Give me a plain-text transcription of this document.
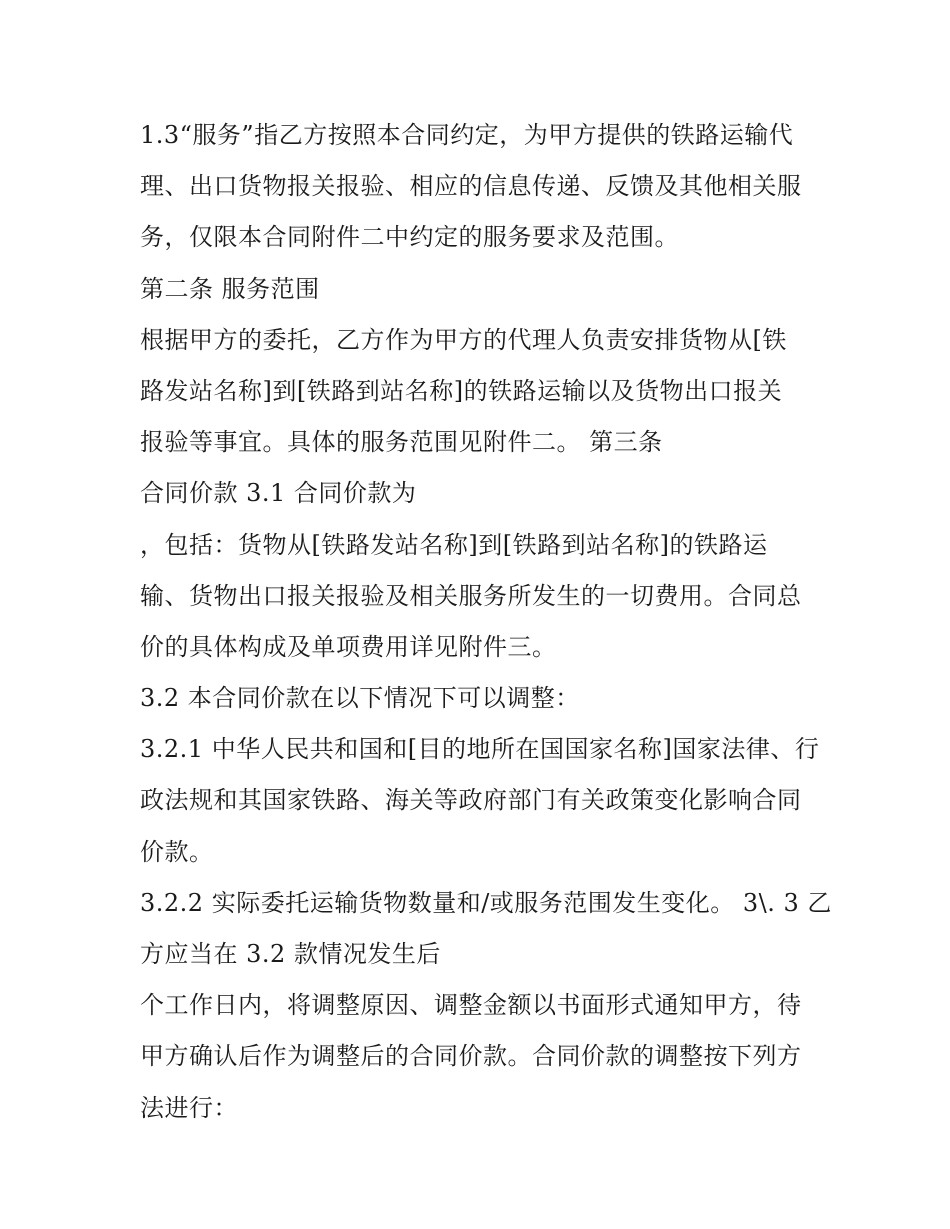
1.3“服务”指乙方按照本合同约定，为甲方提供的铁路运输代
理、出口货物报关报验、相应的信息传递、反馈及其他相关服
务，仅限本合同附件二中约定的服务要求及范围。
第二条 服务范围
根据甲方的委托，乙方作为甲方的代理人负责安排货物从[铁
路发站名称]到[铁路到站名称]的铁路运输以及货物出口报关
报验等事宜。具体的服务范围见附件二。 第三条
合同价款 3.1 合同价款为
，包括：货物从[铁路发站名称]到[铁路到站名称]的铁路运
输、货物出口报关报验及相关服务所发生的一切费用。合同总
价的具体构成及单项费用详见附件三。
3.2 本合同价款在以下情况下可以调整：
3.2.1 中华人民共和国和[目的地所在国国家名称]国家法律、行
政法规和其国家铁路、海关等政府部门有关政策变化影响合同
价款。
3.2.2 实际委托运输货物数量和/或服务范围发生变化。 3\. 3 乙
方应当在 3.2 款情况发生后
个工作日内，将调整原因、调整金额以书面形式通知甲方，待
甲方确认后作为调整后的合同价款。合同价款的调整按下列方
法进行：
